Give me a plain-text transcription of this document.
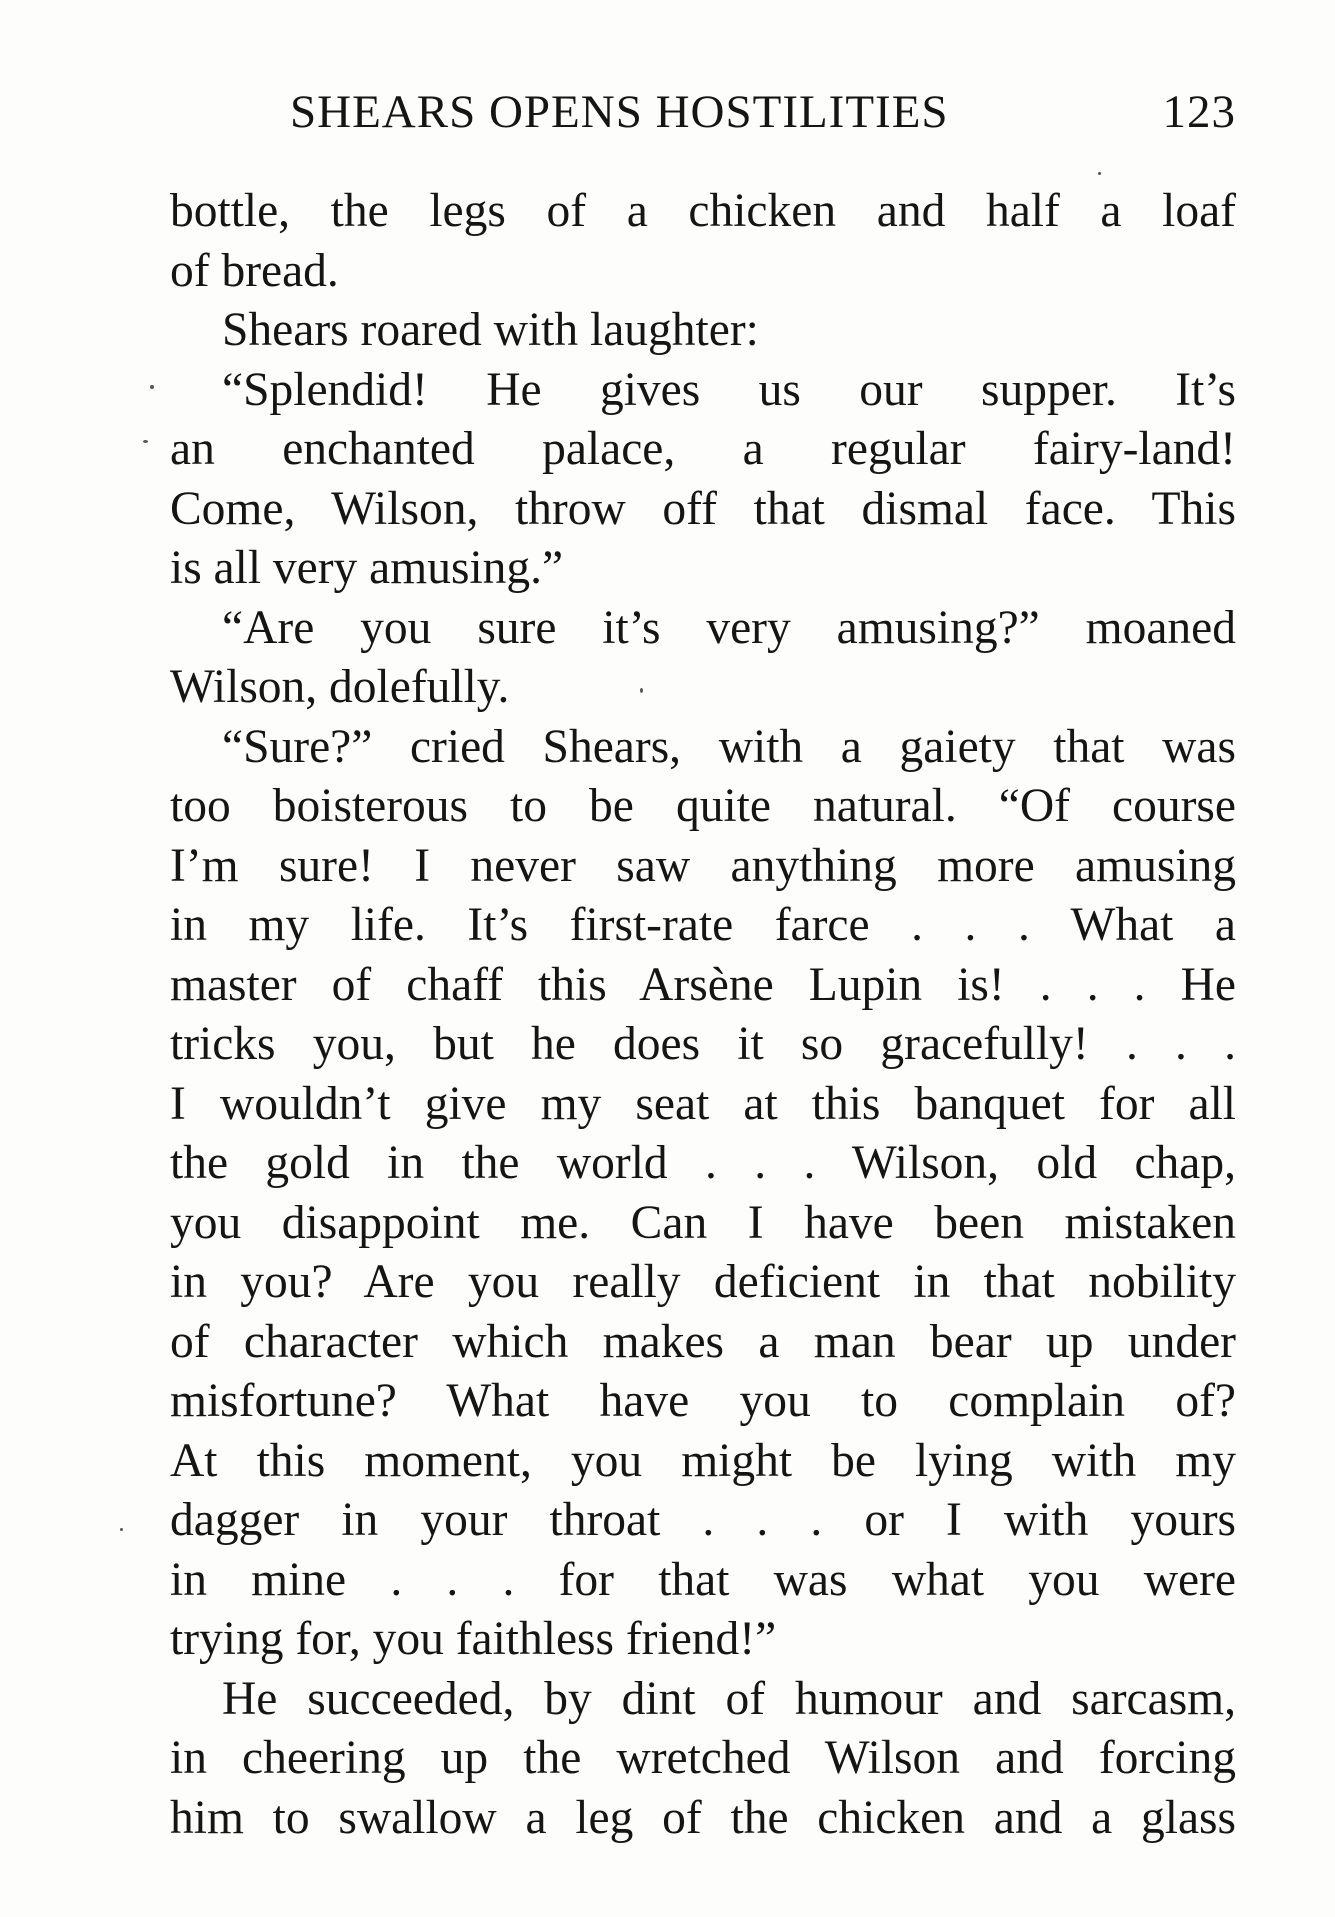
SHEARS OPENS HOSTILITIES	123
bottle, the legs of a chicken and half a loaf
of bread.
Shears roared with laughter:
“Splendid! He gives us our supper. It’s
an enchanted palace, a regular fairy-land!
Come, Wilson, throw off that dismal face. This
is all very amusing.”
“Are you sure it’s very amusing?” moaned
Wilson, dolefully.
“Sure?” cried Shears, with a gaiety that was
too boisterous to be quite natural. “Of course
I’m sure! I never saw anything more amusing
in my life. It’s first-rate farce . . . What a
master of chaff this Arsène Lupin is! . . . He
tricks you, but he does it so gracefully! . . .
I wouldn’t give my seat at this banquet for all
the gold in the world . . . Wilson, old chap,
you disappoint me. Can I have been mistaken
in you? Are you really deficient in that nobility
of character which makes a man bear up under
misfortune? What have you to complain of?
At this moment, you might be lying with my
dagger in your throat . . . or I with yours
in mine . . . for that was what you were
trying for, you faithless friend!”
He succeeded, by dint of humour and sarcasm,
in cheering up the wretched Wilson and forcing
him to swallow a leg of the chicken and a glass
